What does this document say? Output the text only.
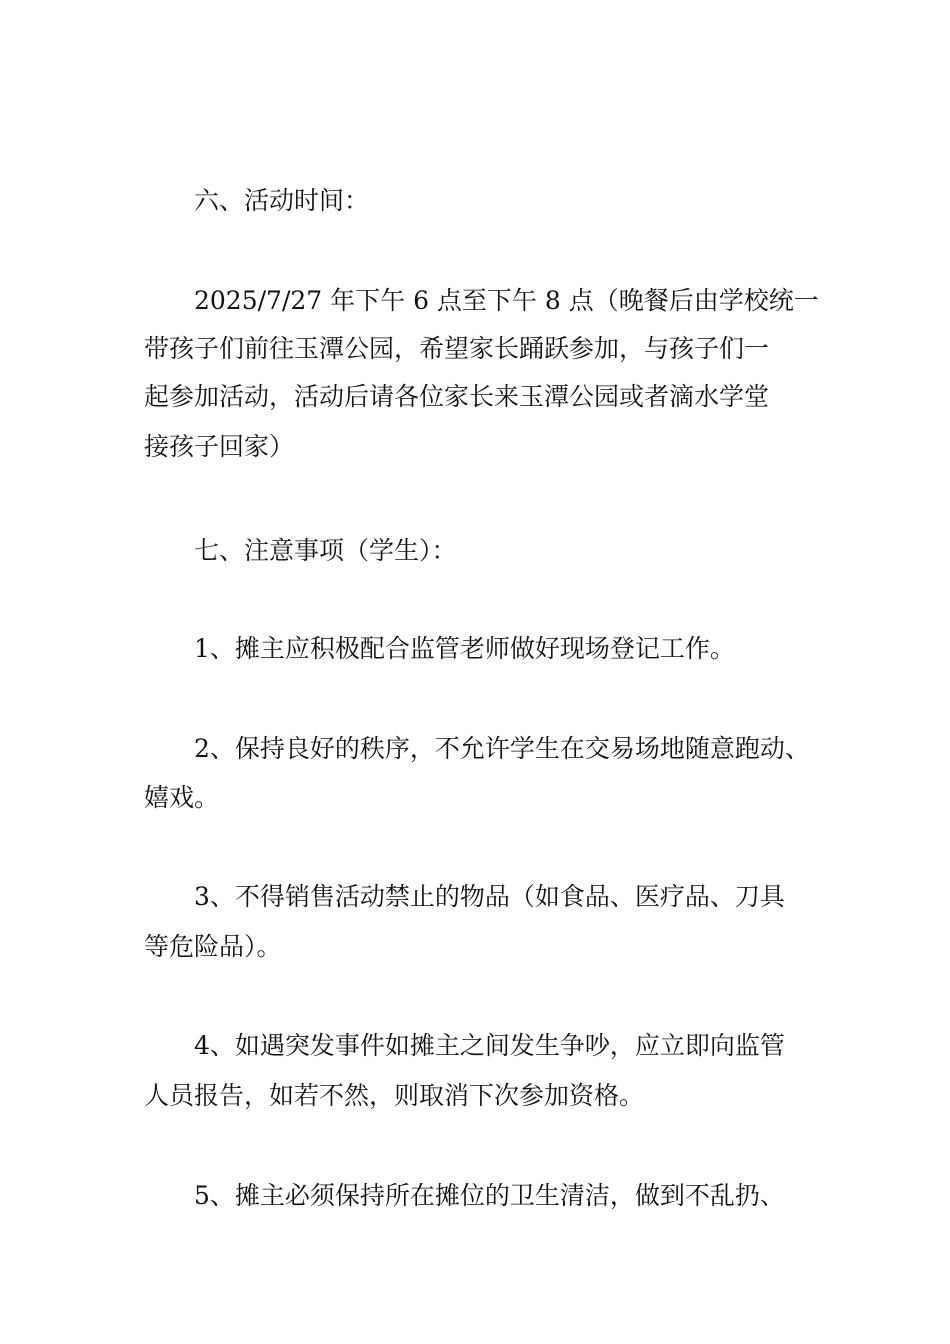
六、活动时间：
2025/7/27 年下午 6 点至下午 8 点（晚餐后由学校统一
带孩子们前往玉潭公园，希望家长踊跃参加，与孩子们一
起参加活动，活动后请各位家长来玉潭公园或者滴水学堂
接孩子回家）
七、注意事项（学生）：
1、摊主应积极配合监管老师做好现场登记工作。
2、保持良好的秩序，不允许学生在交易场地随意跑动、
嬉戏。
3、不得销售活动禁止的物品（如食品、医疗品、刀具
等危险品）。
4、如遇突发事件如摊主之间发生争吵，应立即向监管
人员报告，如若不然，则取消下次参加资格。
5、摊主必须保持所在摊位的卫生清洁，做到不乱扔、
